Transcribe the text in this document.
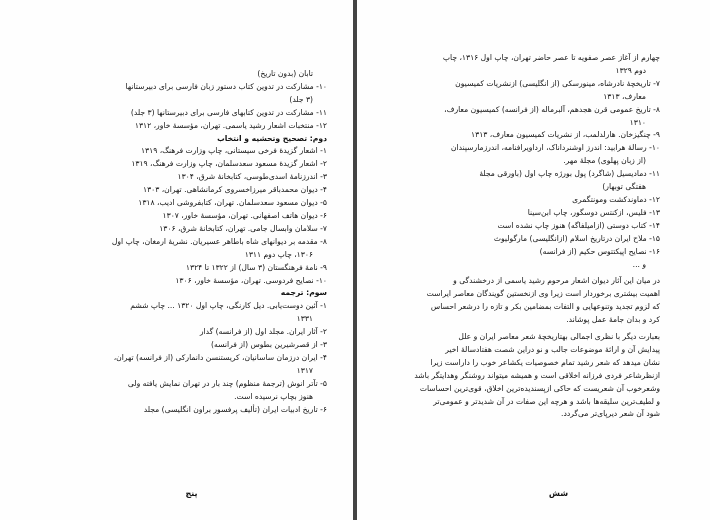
تابان (بدون تاریخ)
۱۰- مشارکت در تدوین کتاب دستور زبان فارسی برای دبیرستانها
(۳ جلد)
۱۱- مشارکت در تدوین کتابهای فارسی برای دبیرستانها (۳ جلد)
۱۲- منتخبات اشعار رشید یاسمی. تهران، مؤسسهٔ خاور، ۱۳۱۲
دوم: تصحیح وتحشیه و انتخاب
۱- اشعار گزیدهٔ فرخی سیستانی، چاپ وزارت فرهنگ، ۱۳۱۹
۲- اشعار گزیدهٔ مسعود سعدسلمان، چاپ وزارت فرهنگ، ۱۳۱۹
۳- اندرزنامهٔ اسدی‌طوسی، کتابخانهٔ شرق، ۱۳۰۴
۴- دیوان محمدباقر میرزاخسروی کرمانشاهی. تهران، ۱۳۰۳
۵- دیوان مسعود سعدسلمان. تهران، کتابفروشی ادیب، ۱۳۱۸
۶- دیوان هاتف اصفهانی. تهران، مؤسسهٔ خاور، ۱۳۰۷
۷- سلامان وابسال جامی. تهران، کتابخانهٔ شرق، ۱۳۰۶
۸- مقدمه بر دیوانهای شاه باطاهر عسیریان. نشریهٔ ارمغان، چاپ اول
۱۳۰۶، چاپ دوم ۱۳۱۱
۹- نامهٔ فرهنگستان (۳ سال) از ۱۳۲۲ تا ۱۳۲۴
۱۰- نصایح فردوسی. تهران، مؤسسهٔ خاور، ۱۳۰۶
سوم: ترجمه
۱- آئین دوست‌یابی. دیل کارنگی، چاپ اول ۱۳۲۰ ... چاپ ششم
۱۳۳۱
۲- آثار ایران. مجلد اول (از فرانسه) گدار
۳- از قصرشیرین بطوس (از فرانسه)
۴- ایران درزمان ساسانیان، کریستنسن دانمارکی (از فرانسه) تهران،
۱۳۱۷
۵- تآتر انوش (ترجمهٔ منظوم) چند بار در تهران نمایش یافته ولی
هنوز بچاپ نرسیده است.
۶- تاریخ ادبیات ایران (تألیف پرفسور براون انگلیسی) مجلد
پنج
چهارم از آغاز عصر صفویه تا عصر حاضر تهران، چاپ اول ۱۳۱۶، چاپ
دوم ۱۳۲۹
۷- تاریخچهٔ نادرشاه، مینورسکی (از انگلیسی) ازنشریات کمیسیون
معارف، ۱۳۱۳
۸- تاریخ عمومی قرن هجدهم، آلبرماله (از فرانسه) کمیسیون معارف،
۱۳۱۰
۹- چنگیزخان. هارلدلمب، از نشریات کمیسیون معارف، ۱۳۱۳
۱۰- رسالهٔ هرابید: اندرز اوشنرداناک، ارداویرافنامه، اندرزمارسپندان
(از زبان پهلوی) مجلهٔ مهر.
۱۱- دمادیسیل (شاگرد) پول بورژه چاپ اول (باورقی مجلهٔ
هفتگی توبهار)
۱۲- دماوندکشت ومونتگمری
۱۳- فلیس، ازکنتس دوسگور، چاپ ابن‌سینا
۱۴- کتاب دوستی (ازامیلفاگه) هنوز چاپ نشده است
۱۵- ملاح ایران درتاریخ اسلام (ازانگلیسی) مارگولیوث
۱۶- نصایح اپیکتتوس حکیم (از فرانسه)
و ...
در میان این آثار دیوان اشعار مرحوم رشید یاسمی از درخشندگی و
اهمیت بیشتری برخوردار است زیرا وی ازنخستین گویندگان معاصر ایراست
که لزوم تجدید وتنوعهایی و التفات بمضامین بکر و تازه را درشعر احساس
کرد و بدان جامهٔ عمل پوشاند.
بعبارت دیگر با نظری اجمالی بهتاریخچهٔ شعر معاصر ایران و علل
پیدایش آن و ارائهٔ موضوعات جالب و نو دراین شصت هفتادسالهٔ اخیر
نشان میدهد که شعر رشید تمام خصوصیات یکشاعر خوب را داراست زیرا
ازنظرشاعر فردی فرزانه اخلاقی است و همیشه میتواند روشنگر وهدایتگر باشد
وشعرخوب آن شعریست که حاکی ازپسندیده‌ترین اخلاق، قوی‌ترین احساسات
و لطیف‌ترین سلیقه‌ها باشد و هرچه این صفات در آن شدیدتر و عمومی‌تر
شود آن شعر دیرپای‌تر می‌گردد.
شش
